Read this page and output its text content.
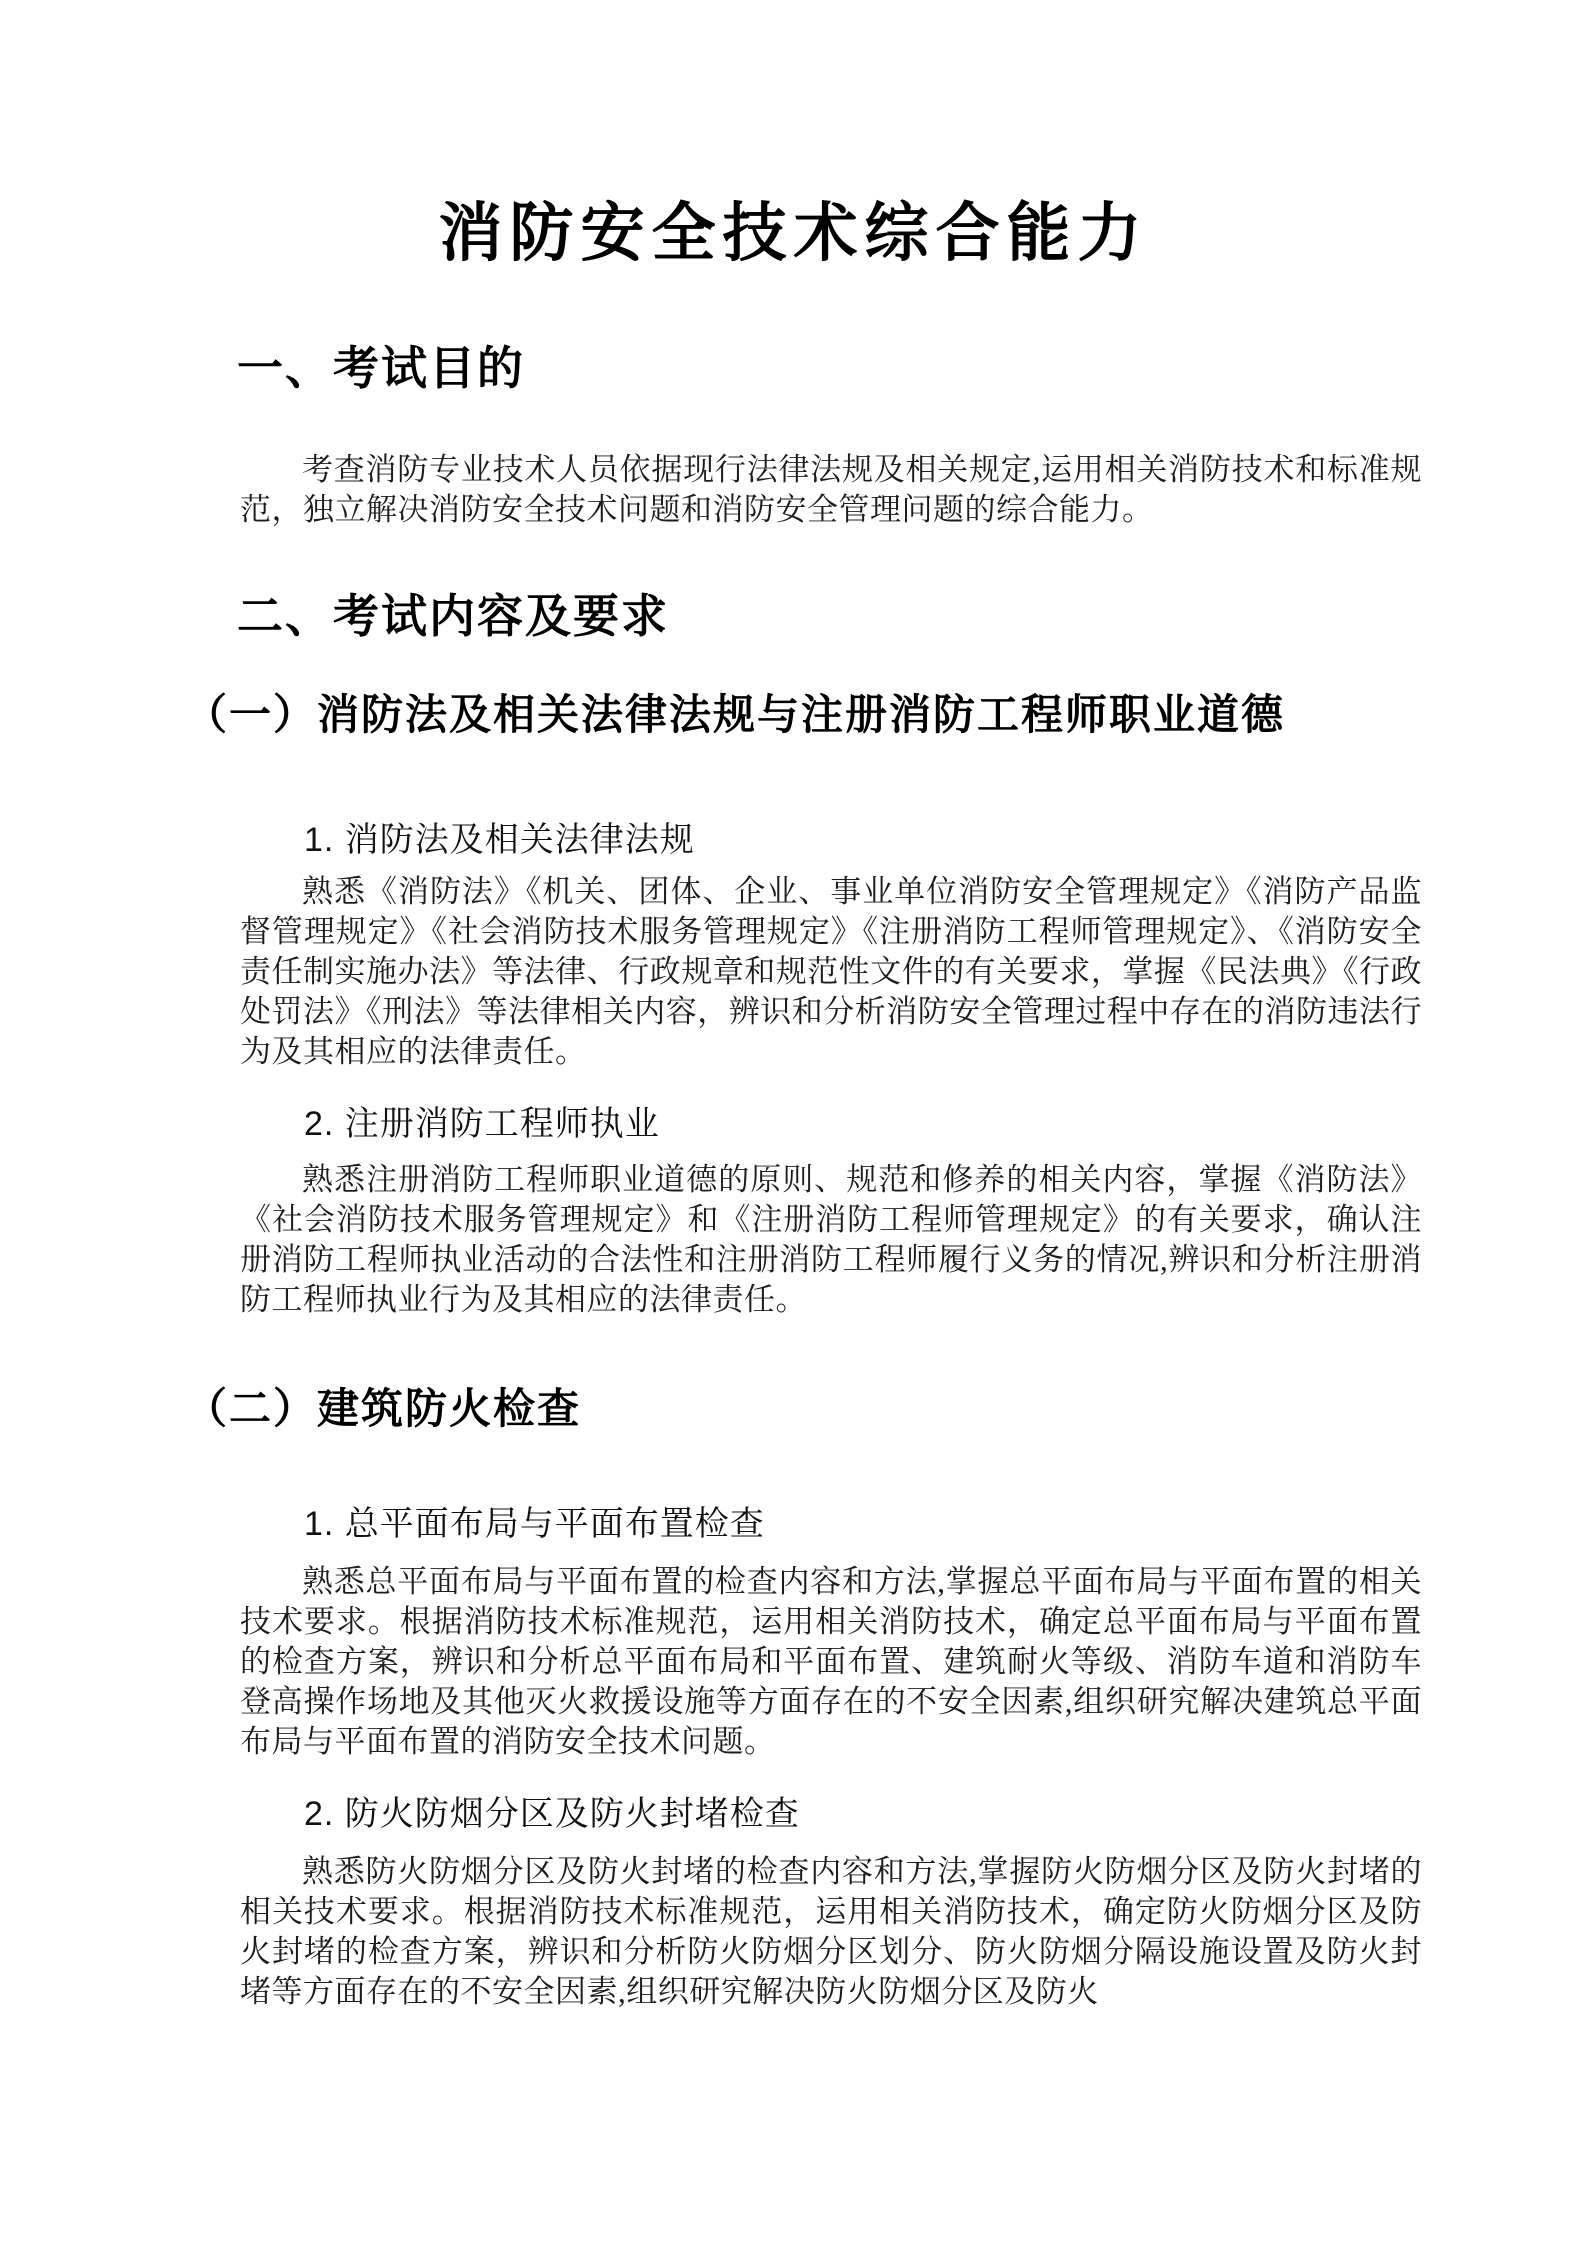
消防安全技术综合能力
一、考试目的
考查消防专业技术人员依据现行法律法规及相关规定,运用相关消防技术和标准规范，独立解决消防安全技术问题和消防安全管理问题的综合能力。
二、考试内容及要求
（一）消防法及相关法律法规与注册消防工程师职业道德
1. 消防法及相关法律法规
熟悉《消防法》《机关、团体、企业、事业单位消防安全管理规定》《消防产品监督管理规定》《社会消防技术服务管理规定》《注册消防工程师管理规定》、《消防安全责任制实施办法》等法律、行政规章和规范性文件的有关要求，掌握《民法典》《行政处罚法》《刑法》等法律相关内容，辨识和分析消防安全管理过程中存在的消防违法行为及其相应的法律责任。
2. 注册消防工程师执业
熟悉注册消防工程师职业道德的原则、规范和修养的相关内容，掌握《消防法》《社会消防技术服务管理规定》和《注册消防工程师管理规定》的有关要求，确认注册消防工程师执业活动的合法性和注册消防工程师履行义务的情况,辨识和分析注册消防工程师执业行为及其相应的法律责任。
（二）建筑防火检查
1. 总平面布局与平面布置检查
熟悉总平面布局与平面布置的检查内容和方法,掌握总平面布局与平面布置的相关技术要求。根据消防技术标准规范，运用相关消防技术，确定总平面布局与平面布置的检查方案，辨识和分析总平面布局和平面布置、建筑耐火等级、消防车道和消防车登高操作场地及其他灭火救援设施等方面存在的不安全因素,组织研究解决建筑总平面布局与平面布置的消防安全技术问题。
2. 防火防烟分区及防火封堵检查
熟悉防火防烟分区及防火封堵的检查内容和方法,掌握防火防烟分区及防火封堵的相关技术要求。根据消防技术标准规范，运用相关消防技术，确定防火防烟分区及防火封堵的检查方案，辨识和分析防火防烟分区划分、防火防烟分隔设施设置及防火封堵等方面存在的不安全因素,组织研究解决防火防烟分区及防火
